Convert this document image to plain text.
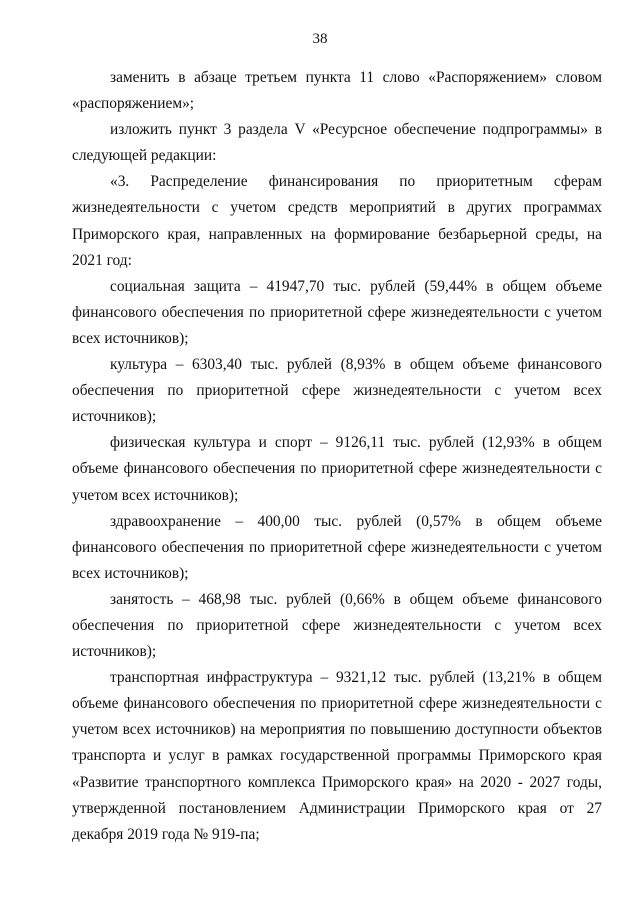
38

заменить в абзаце третьем пункта 11 слово «Распоряжением» словом «распоряжением»;

изложить пункт 3 раздела V «Ресурсное обеспечение подпрограммы» в следующей редакции:

«3. Распределение финансирования по приоритетным сферам жизнедеятельности с учетом средств мероприятий в других программах Приморского края, направленных на формирование безбарьерной среды, на 2021 год:

социальная защита – 41947,70 тыс. рублей (59,44% в общем объеме финансового обеспечения по приоритетной сфере жизнедеятельности с учетом всех источников);

культура – 6303,40 тыс. рублей (8,93% в общем объеме финансового обеспечения по приоритетной сфере жизнедеятельности с учетом всех источников);

физическая культура и спорт – 9126,11 тыс. рублей (12,93% в общем объеме финансового обеспечения по приоритетной сфере жизнедеятельности с учетом всех источников);

здравоохранение – 400,00 тыс. рублей (0,57% в общем объеме финансового обеспечения по приоритетной сфере жизнедеятельности с учетом всех источников);

занятость – 468,98 тыс. рублей (0,66% в общем объеме финансового обеспечения по приоритетной сфере жизнедеятельности с учетом всех источников);

транспортная инфраструктура – 9321,12 тыс. рублей (13,21% в общем объеме финансового обеспечения по приоритетной сфере жизнедеятельности с учетом всех источников) на мероприятия по повышению доступности объектов транспорта и услуг в рамках государственной программы Приморского края «Развитие транспортного комплекса Приморского края» на 2020 - 2027 годы, утвержденной постановлением Администрации Приморского края от 27 декабря 2019 года № 919-па;
